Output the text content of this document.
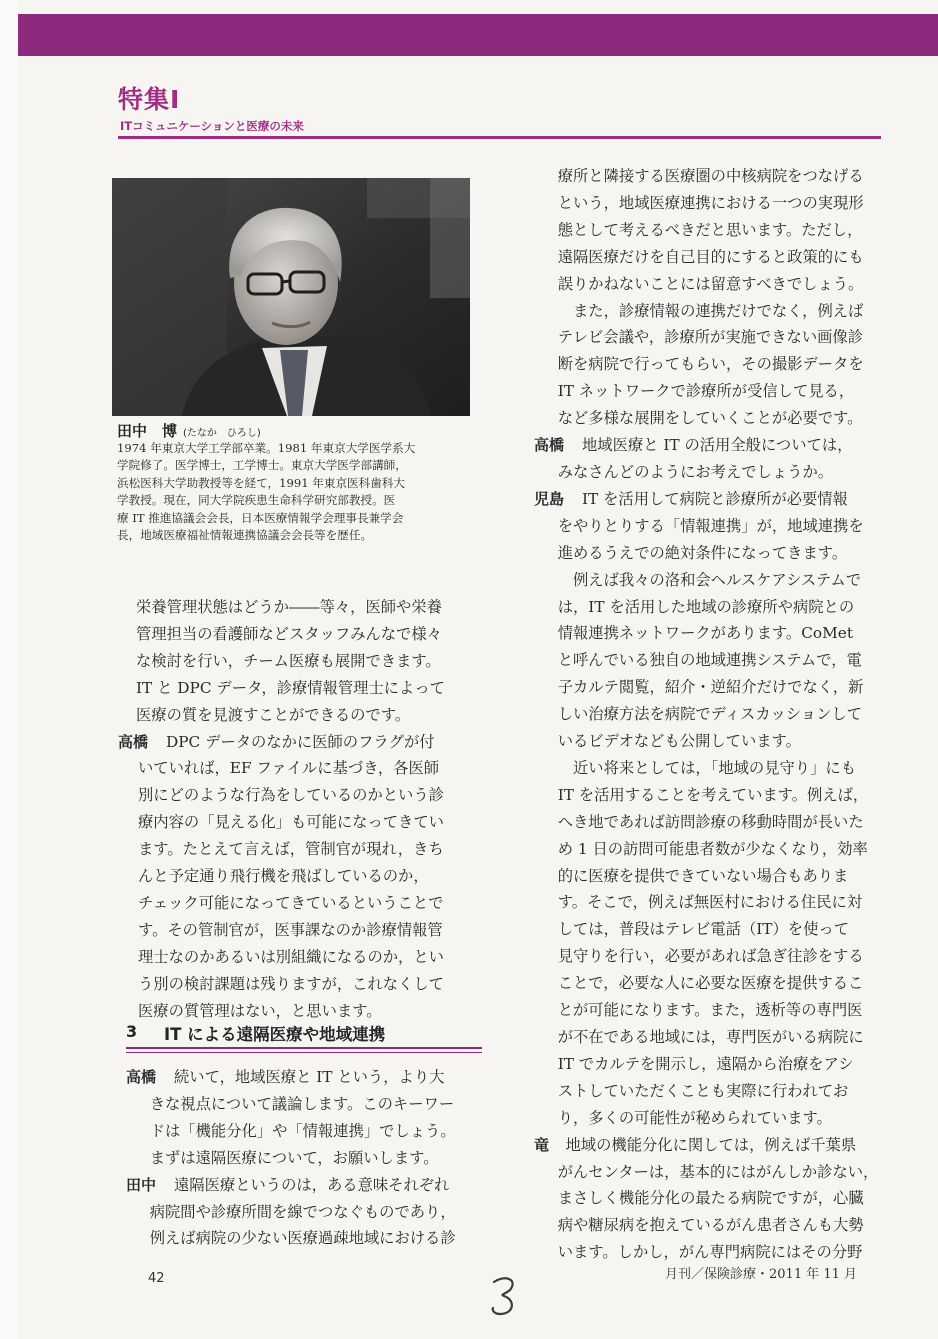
特集Ⅰ
ITコミュニケーションと医療の未来
田中　博 (たなか　ひろし)

1974 年東京大学工学部卒業。1981 年東京大学医学系大

学院修了。医学博士，工学博士。東京大学医学部講師，

浜松医科大学助教授等を経て，1991 年東京医科歯科大

学教授。現在，同大学院疾患生命科学研究部教授。医

療 IT 推進協議会会長，日本医療情報学会理事長兼学会

長，地域医療福祉情報連携協議会会長等を歴任。

栄養管理状態はどうか――等々，医師や栄養

管理担当の看護師などスタッフみんなで様々

な検討を行い，チーム医療も展開できます。

IT と DPC データ，診療情報管理士によって

医療の質を見渡すことができるのです。

高橋 DPC データのなかに医師のフラグが付

いていれば，EF ファイルに基づき，各医師

別にどのような行為をしているのかという診

療内容の「見える化」も可能になってきてい

ます。たとえて言えば，管制官が現れ，きち

んと予定通り飛行機を飛ばしているのか，

チェック可能になってきているということで

す。その管制官が，医事課なのか診療情報管

理士なのかあるいは別組織になるのか，とい

う別の検討課題は残りますが，これなくして

医療の質管理はない，と思います。

3 IT による遠隔医療や地域連携

高橋 続いて，地域医療と IT という，より大

きな視点について議論します。このキーワー

ドは「機能分化」や「情報連携」でしょう。

まずは遠隔医療について，お願いします。

田中 遠隔医療というのは，ある意味それぞれ

病院間や診療所間を線でつなぐものであり，

例えば病院の少ない医療過疎地域における診

療所と隣接する医療圏の中核病院をつなげる

という，地域医療連携における一つの実現形

態として考えるべきだと思います。ただし，

遠隔医療だけを自己目的にすると政策的にも

誤りかねないことには留意すべきでしょう。

また，診療情報の連携だけでなく，例えば

テレビ会議や，診療所が実施できない画像診

断を病院で行ってもらい，その撮影データを

IT ネットワークで診療所が受信して見る，

など多様な展開をしていくことが必要です。

高橋 地域医療と IT の活用全般については，

みなさんどのようにお考えでしょうか。

児島 IT を活用して病院と診療所が必要情報

をやりとりする「情報連携」が，地域連携を

進めるうえでの絶対条件になってきます。

例えば我々の洛和会ヘルスケアシステムで

は，IT を活用した地域の診療所や病院との

情報連携ネットワークがあります。CoMet

と呼んでいる独自の地域連携システムで，電

子カルテ閲覧，紹介・逆紹介だけでなく，新

しい治療方法を病院でディスカッションして

いるビデオなども公開しています。

近い将来としては，「地域の見守り」にも

IT を活用することを考えています。例えば，

へき地であれば訪問診療の移動時間が長いた

め 1 日の訪問可能患者数が少なくなり，効率

的に医療を提供できていない場合もありま

す。そこで，例えば無医村における住民に対

しては，普段はテレビ電話（IT）を使って

見守りを行い，必要があれば急ぎ往診をする

ことで，必要な人に必要な医療を提供するこ

とが可能になります。また，透析等の専門医

が不在である地域には，専門医がいる病院に

IT でカルテを開示し，遠隔から治療をアシ

ストしていただくことも実際に行われてお

り，多くの可能性が秘められています。

竜 地域の機能分化に関しては，例えば千葉県

がんセンターは，基本的にはがんしか診ない，

まさしく機能分化の最たる病院ですが，心臓

病や糖尿病を抱えているがん患者さんも大勢

います。しかし，がん専門病院にはその分野

42	月刊／保険診療・2011 年 11 月
